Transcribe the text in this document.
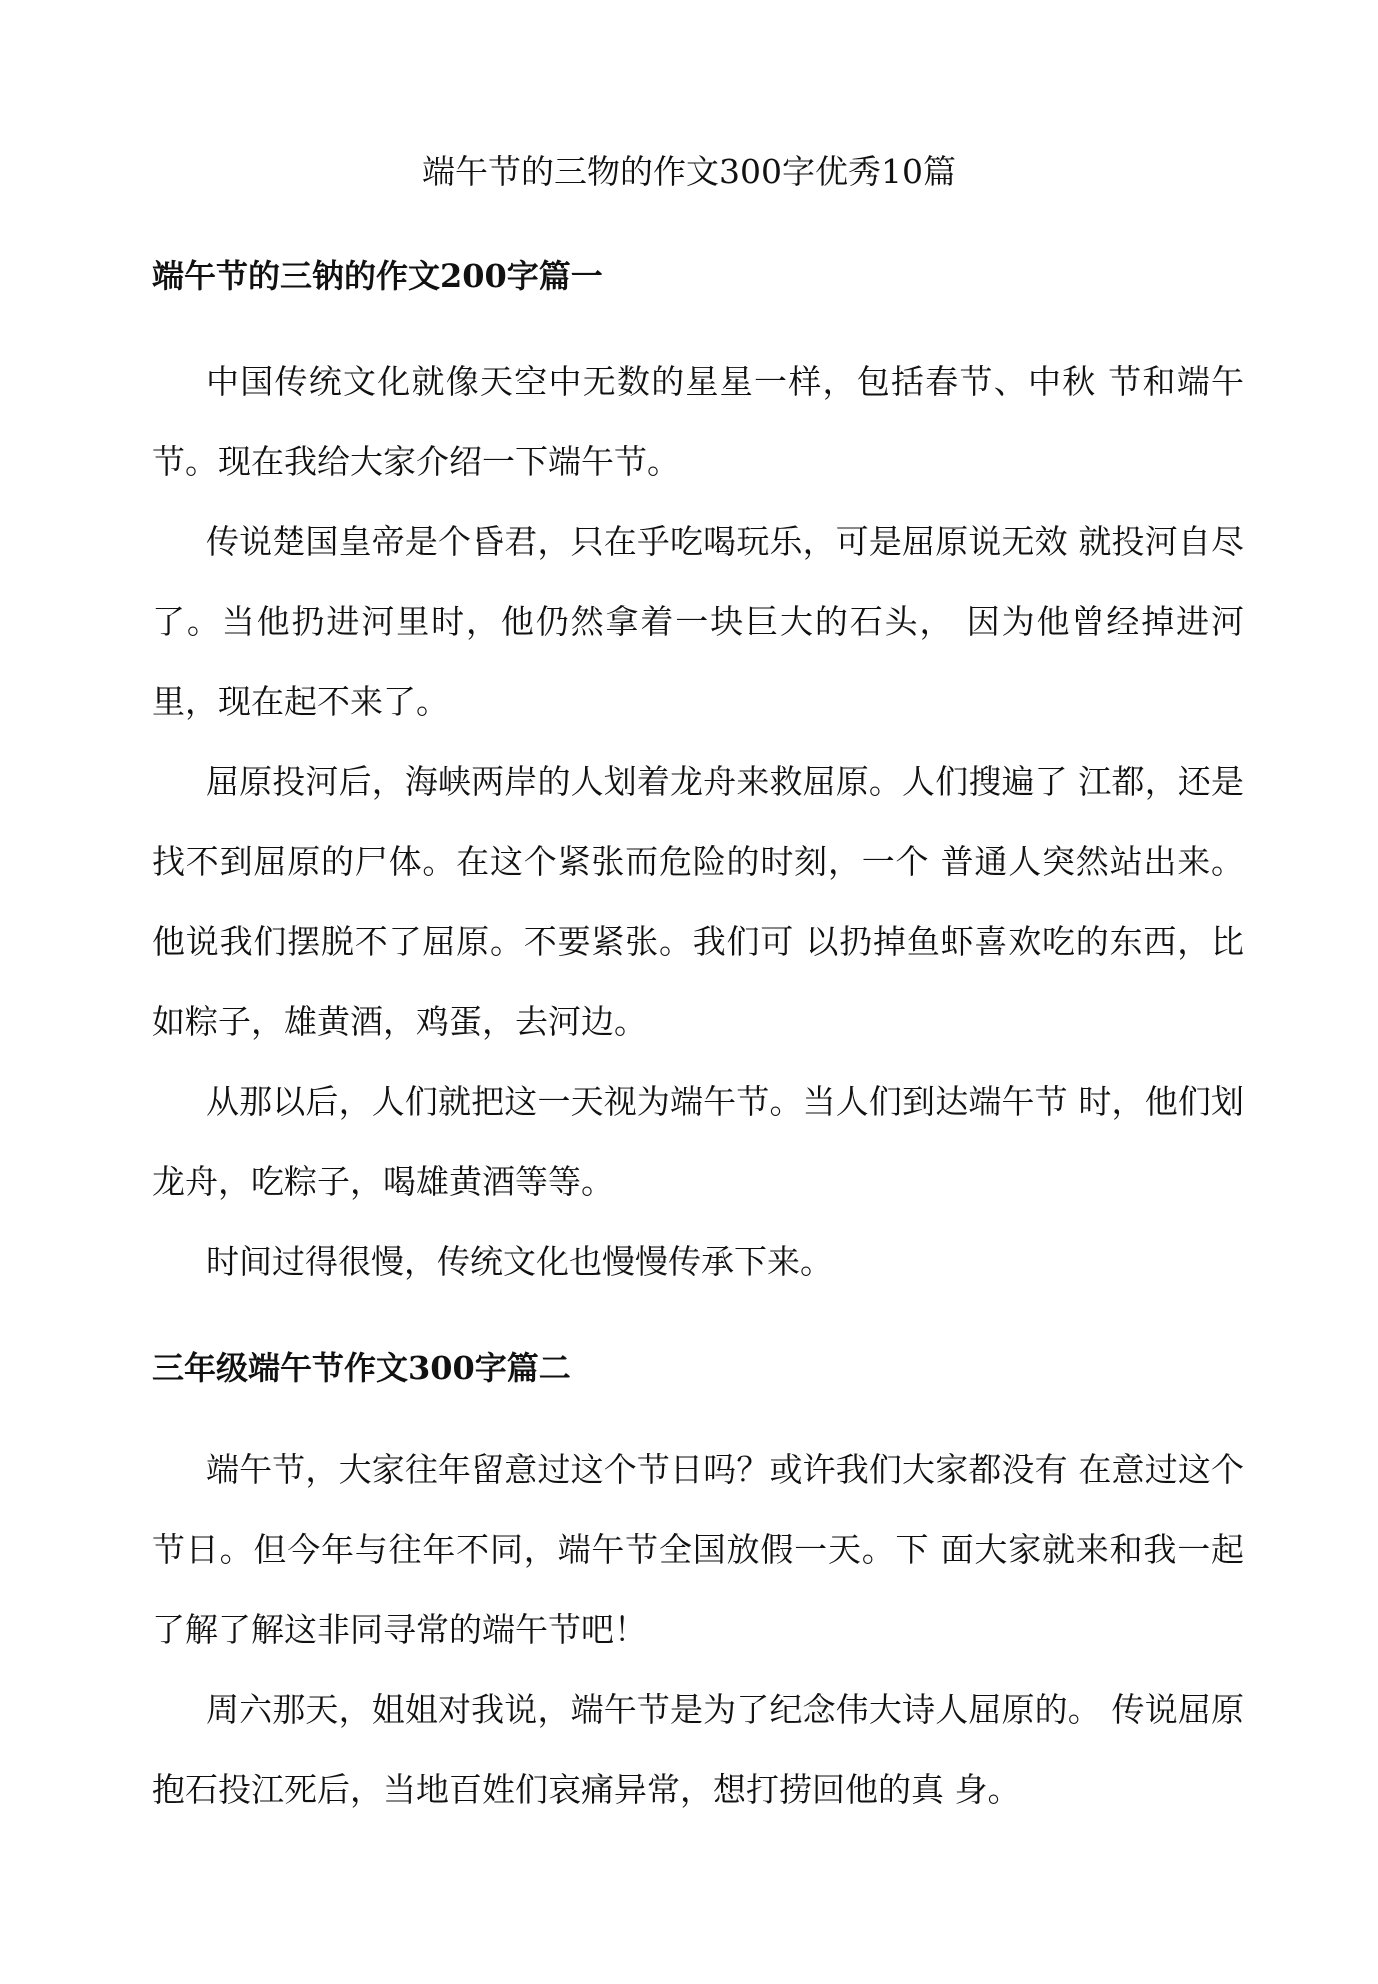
端午节的三物的作文300字优秀10篇
端午节的三钠的作文200字篇一

中国传统文化就像天空中无数的星星一样，包括春节、中秋 节和端午节。现在我给大家介绍一下端午节。

传说楚国皇帝是个昏君，只在乎吃喝玩乐，可是屈原说无效 就投河自尽了。当他扔进河里时，他仍然拿着一块巨大的石头， 因为他曾经掉进河里，现在起不来了。

屈原投河后，海峡两岸的人划着龙舟来救屈原。人们搜遍了 江都，还是找不到屈原的尸体。在这个紧张而危险的时刻，一个 普通人突然站出来。他说我们摆脱不了屈原。不要紧张。我们可 以扔掉鱼虾喜欢吃的东西，比如粽子，雄黄酒，鸡蛋，去河边。

从那以后，人们就把这一天视为端午节。当人们到达端午节 时，他们划龙舟，吃粽子，喝雄黄酒等等。

时间过得很慢，传统文化也慢慢传承下来。

三年级端午节作文300字篇二

端午节，大家往年留意过这个节日吗？或许我们大家都没有 在意过这个节日。但今年与往年不同，端午节全国放假一天。下 面大家就来和我一起了解了解这非同寻常的端午节吧！

周六那天，姐姐对我说，端午节是为了纪念伟大诗人屈原的。 传说屈原抱石投江死后，当地百姓们哀痛异常，想打捞回他的真 身。
